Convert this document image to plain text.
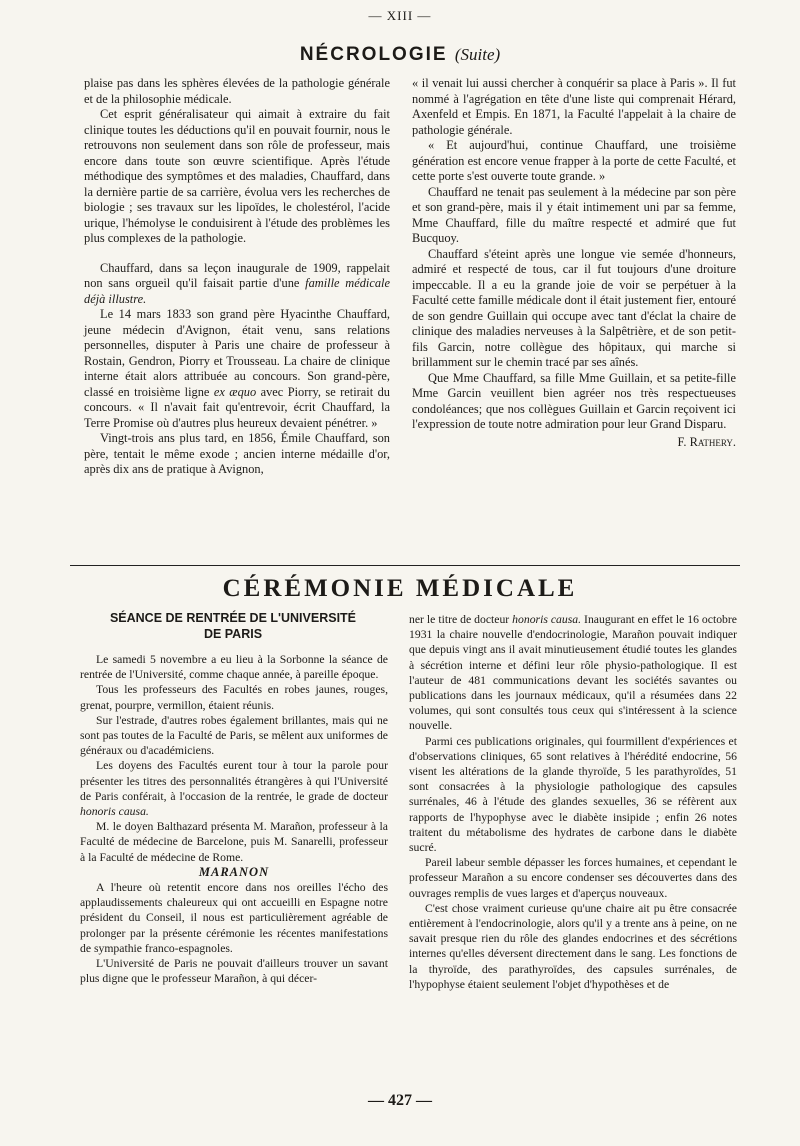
— XIII —
NÉCROLOGIE (Suite)

plaise pas dans les sphères élevées de la pathologie générale et de la philosophie médicale.

Cet esprit généralisateur qui aimait à extraire du fait clinique toutes les déductions qu'il en pouvait fournir, nous le retrouvons non seulement dans son rôle de professeur, mais encore dans toute son œuvre scientifique. Après l'étude méthodique des symptômes et des maladies, Chauffard, dans la dernière partie de sa carrière, évolua vers les recherches de biologie ; ses travaux sur les lipoïdes, le cholestérol, l'acide urique, l'hémolyse le conduisirent à l'étude des problèmes les plus complexes de la pathologie.

Chauffard, dans sa leçon inaugurale de 1909, rappelait non sans orgueil qu'il faisait partie d'une famille médicale déjà illustre.

Le 14 mars 1833 son grand père Hyacinthe Chauffard, jeune médecin d'Avignon, était venu, sans relations personnelles, disputer à Paris une chaire de professeur à Rostain, Gendron, Piorry et Trousseau. La chaire de clinique interne était alors attribuée au concours. Son grand-père, classé en troisième ligne ex æquo avec Piorry, se retirait du concours. « Il n'avait fait qu'entrevoir, écrit Chauffard, la Terre Promise où d'autres plus heureux devaient pénétrer. »

Vingt-trois ans plus tard, en 1856, Émile Chauffard, son père, tentait le même exode ; ancien interne médaille d'or, après dix ans de pratique à Avignon,

« il venait lui aussi chercher à conquérir sa place à Paris ». Il fut nommé à l'agrégation en tête d'une liste qui comprenait Hérard, Axenfeld et Empis. En 1871, la Faculté l'appelait à la chaire de pathologie générale.

« Et aujourd'hui, continue Chauffard, une troisième génération est encore venue frapper à la porte de cette Faculté, et cette porte s'est ouverte toute grande. »

Chauffard ne tenait pas seulement à la médecine par son père et son grand-père, mais il y était intimement uni par sa femme, Mme Chauffard, fille du maître respecté et admiré que fut Bucquoy.

Chauffard s'éteint après une longue vie semée d'honneurs, admiré et respecté de tous, car il fut toujours d'une droiture impeccable. Il a eu la grande joie de voir se perpétuer à la Faculté cette famille médicale dont il était justement fier, entouré de son gendre Guillain qui occupe avec tant d'éclat la chaire de clinique des maladies nerveuses à la Salpêtrière, et de son petit-fils Garcin, notre collègue des hôpitaux, qui marche si brillamment sur le chemin tracé par ses aînés.

Que Mme Chauffard, sa fille Mme Guillain, et sa petite-fille Mme Garcin veuillent bien agréer nos très respectueuses condoléances; que nos collègues Guillain et Garcin reçoivent ici l'expression de toute notre admiration pour leur Grand Disparu.

F. Rathery.
CÉRÉMONIE MÉDICALE
SÉANCE DE RENTRÉE DE L'UNIVERSITÉ
DE PARIS

Le samedi 5 novembre a eu lieu à la Sorbonne la séance de rentrée de l'Université, comme chaque année, à pareille époque.

Tous les professeurs des Facultés en robes jaunes, rouges, grenat, pourpre, vermillon, étaient réunis.

Sur l'estrade, d'autres robes également brillantes, mais qui ne sont pas toutes de la Faculté de Paris, se mêlent aux uniformes de généraux ou d'académiciens.

Les doyens des Facultés eurent tour à tour la parole pour présenter les titres des personnalités étrangères à qui l'Université de Paris conférait, à l'occasion de la rentrée, le grade de docteur honoris causa.

M. le doyen Balthazard présenta M. Marañon, professeur à la Faculté de médecine de Barcelone, puis M. Sanarelli, professeur à la Faculté de médecine de Rome.

MARANON

A l'heure où retentit encore dans nos oreilles l'écho des applaudissements chaleureux qui ont accueilli en Espagne notre président du Conseil, il nous est particulièrement agréable de prolonger par la présente cérémonie les récentes manifestations de sympathie franco-espagnoles.

L'Université de Paris ne pouvait d'ailleurs trouver un savant plus digne que le professeur Marañon, à qui décer-

ner le titre de docteur honoris causa. Inaugurant en effet le 16 octobre 1931 la chaire nouvelle d'endocrinologie, Marañon pouvait indiquer que depuis vingt ans il avait minutieusement étudié toutes les glandes à sécrétion interne et défini leur rôle physio-pathologique. Il est l'auteur de 481 communications devant les sociétés savantes ou publications dans les journaux médicaux, qu'il a résumées dans 22 volumes, qui sont consultés tous ceux qui s'intéressent à la science nouvelle.

Parmi ces publications originales, qui fourmillent d'expériences et d'observations cliniques, 65 sont relatives à l'hérédité endocrine, 56 visent les altérations de la glande thyroïde, 5 les parathyroïdes, 51 sont consacrées à la physiologie pathologique des capsules surrénales, 46 à l'étude des glandes sexuelles, 36 se réfèrent aux rapports de l'hypophyse avec le diabète insipide ; enfin 26 notes traitent du métabolisme des hydrates de carbone dans le diabète sucré.

Pareil labeur semble dépasser les forces humaines, et cependant le professeur Marañon a su encore condenser ses découvertes dans des ouvrages remplis de vues larges et d'aperçus nouveaux.

C'est chose vraiment curieuse qu'une chaire ait pu être consacrée entièrement à l'endocrinologie, alors qu'il y a trente ans à peine, on ne savait presque rien du rôle des glandes endocrines et des sécrétions internes qu'elles déversent directement dans le sang. Les fonctions de la thyroïde, des parathyroïdes, des capsules surrénales, de l'hypophyse étaient seulement l'objet d'hypothèses et de

— 427 —
